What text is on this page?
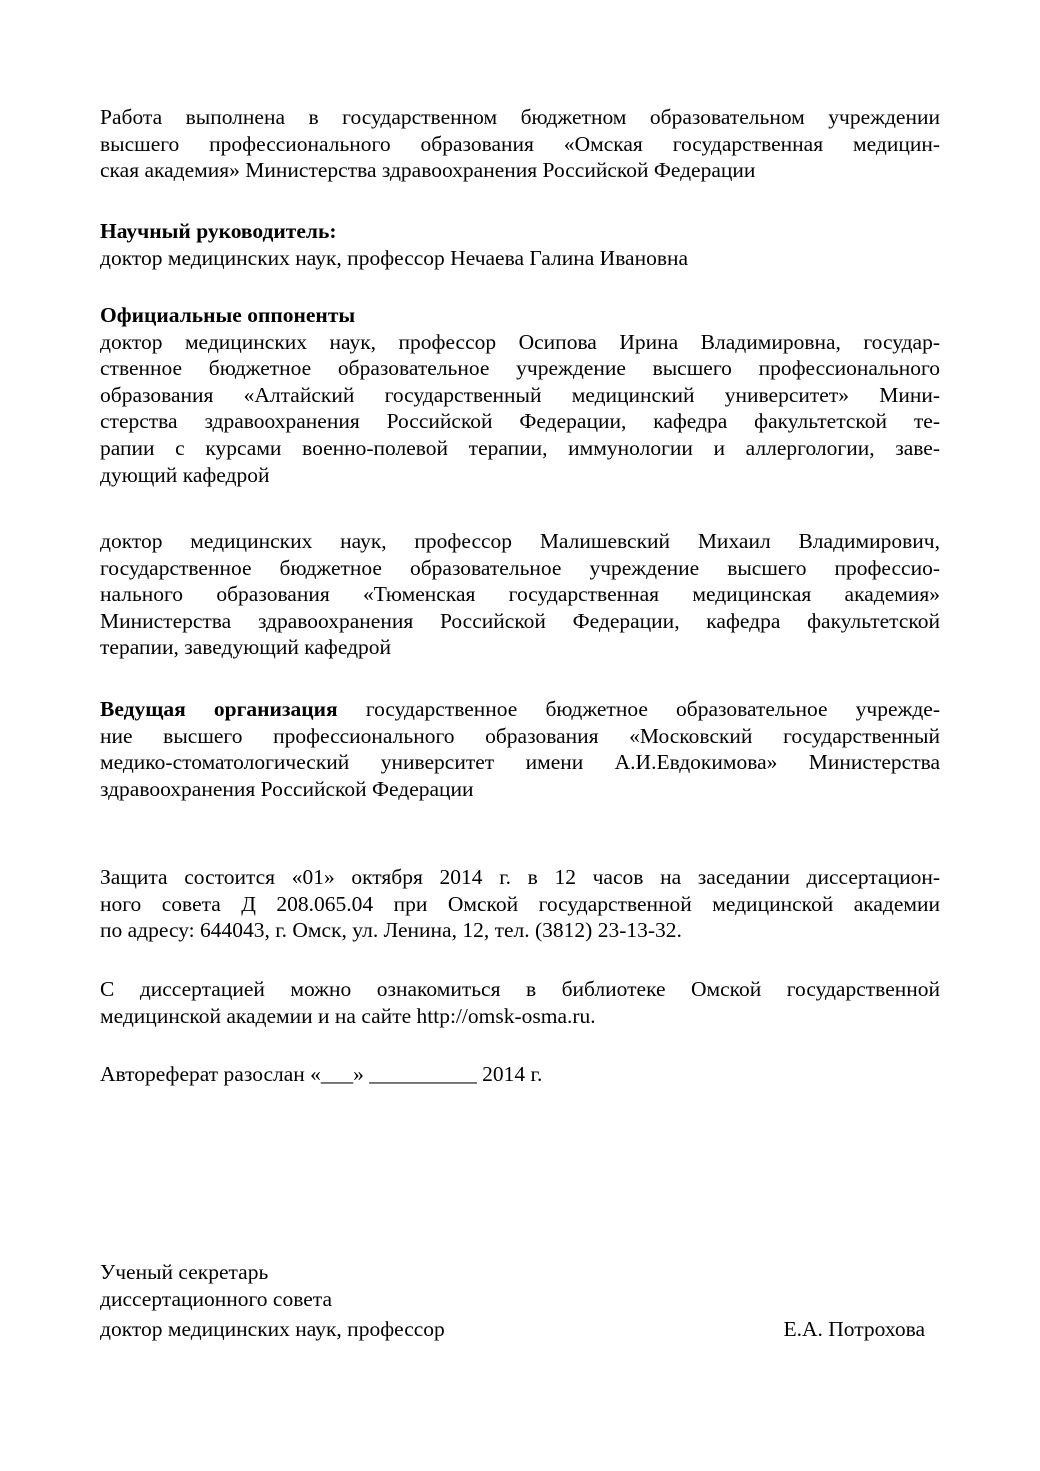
Работа выполнена в государственном бюджетном образовательном учреждении
высшего профессионального образования «Омская государственная медицин-
ская академия» Министерства здравоохранения Российской Федерации
Научный руководитель:
доктор медицинских наук, профессор Нечаева Галина Ивановна
Официальные оппоненты
доктор медицинских наук, профессор Осипова Ирина Владимировна, государ-
ственное бюджетное образовательное учреждение высшего профессионального
образования «Алтайский государственный медицинский университет» Мини-
стерства здравоохранения Российской Федерации, кафедра факультетской те-
рапии с курсами военно-полевой терапии, иммунологии и аллергологии, заве-
дующий кафедрой
доктор медицинских наук, профессор Малишевский Михаил Владимирович,
государственное бюджетное образовательное учреждение высшего профессио-
нального образования «Тюменская государственная медицинская академия»
Министерства здравоохранения Российской Федерации, кафедра факультетской
терапии, заведующий кафедрой
Ведущая организация государственное бюджетное образовательное учрежде-
ние высшего профессионального образования «Московский государственный
медико-стоматологический университет имени А.И.Евдокимова» Министерства
здравоохранения Российской Федерации
Защита состоится «01» октября 2014 г. в 12 часов на заседании диссертацион-
ного совета Д 208.065.04 при Омской государственной медицинской академии
по адресу: 644043, г. Омск, ул. Ленина, 12, тел. (3812) 23-13-32.
С диссертацией можно ознакомиться в библиотеке Омской государственной
медицинской академии и на сайте http://omsk-osma.ru.
Автореферат разослан «___» __________ 2014 г.
Ученый секретарь
диссертационного совета
доктор медицинских наук, профессор	Е.А. Потрохова
